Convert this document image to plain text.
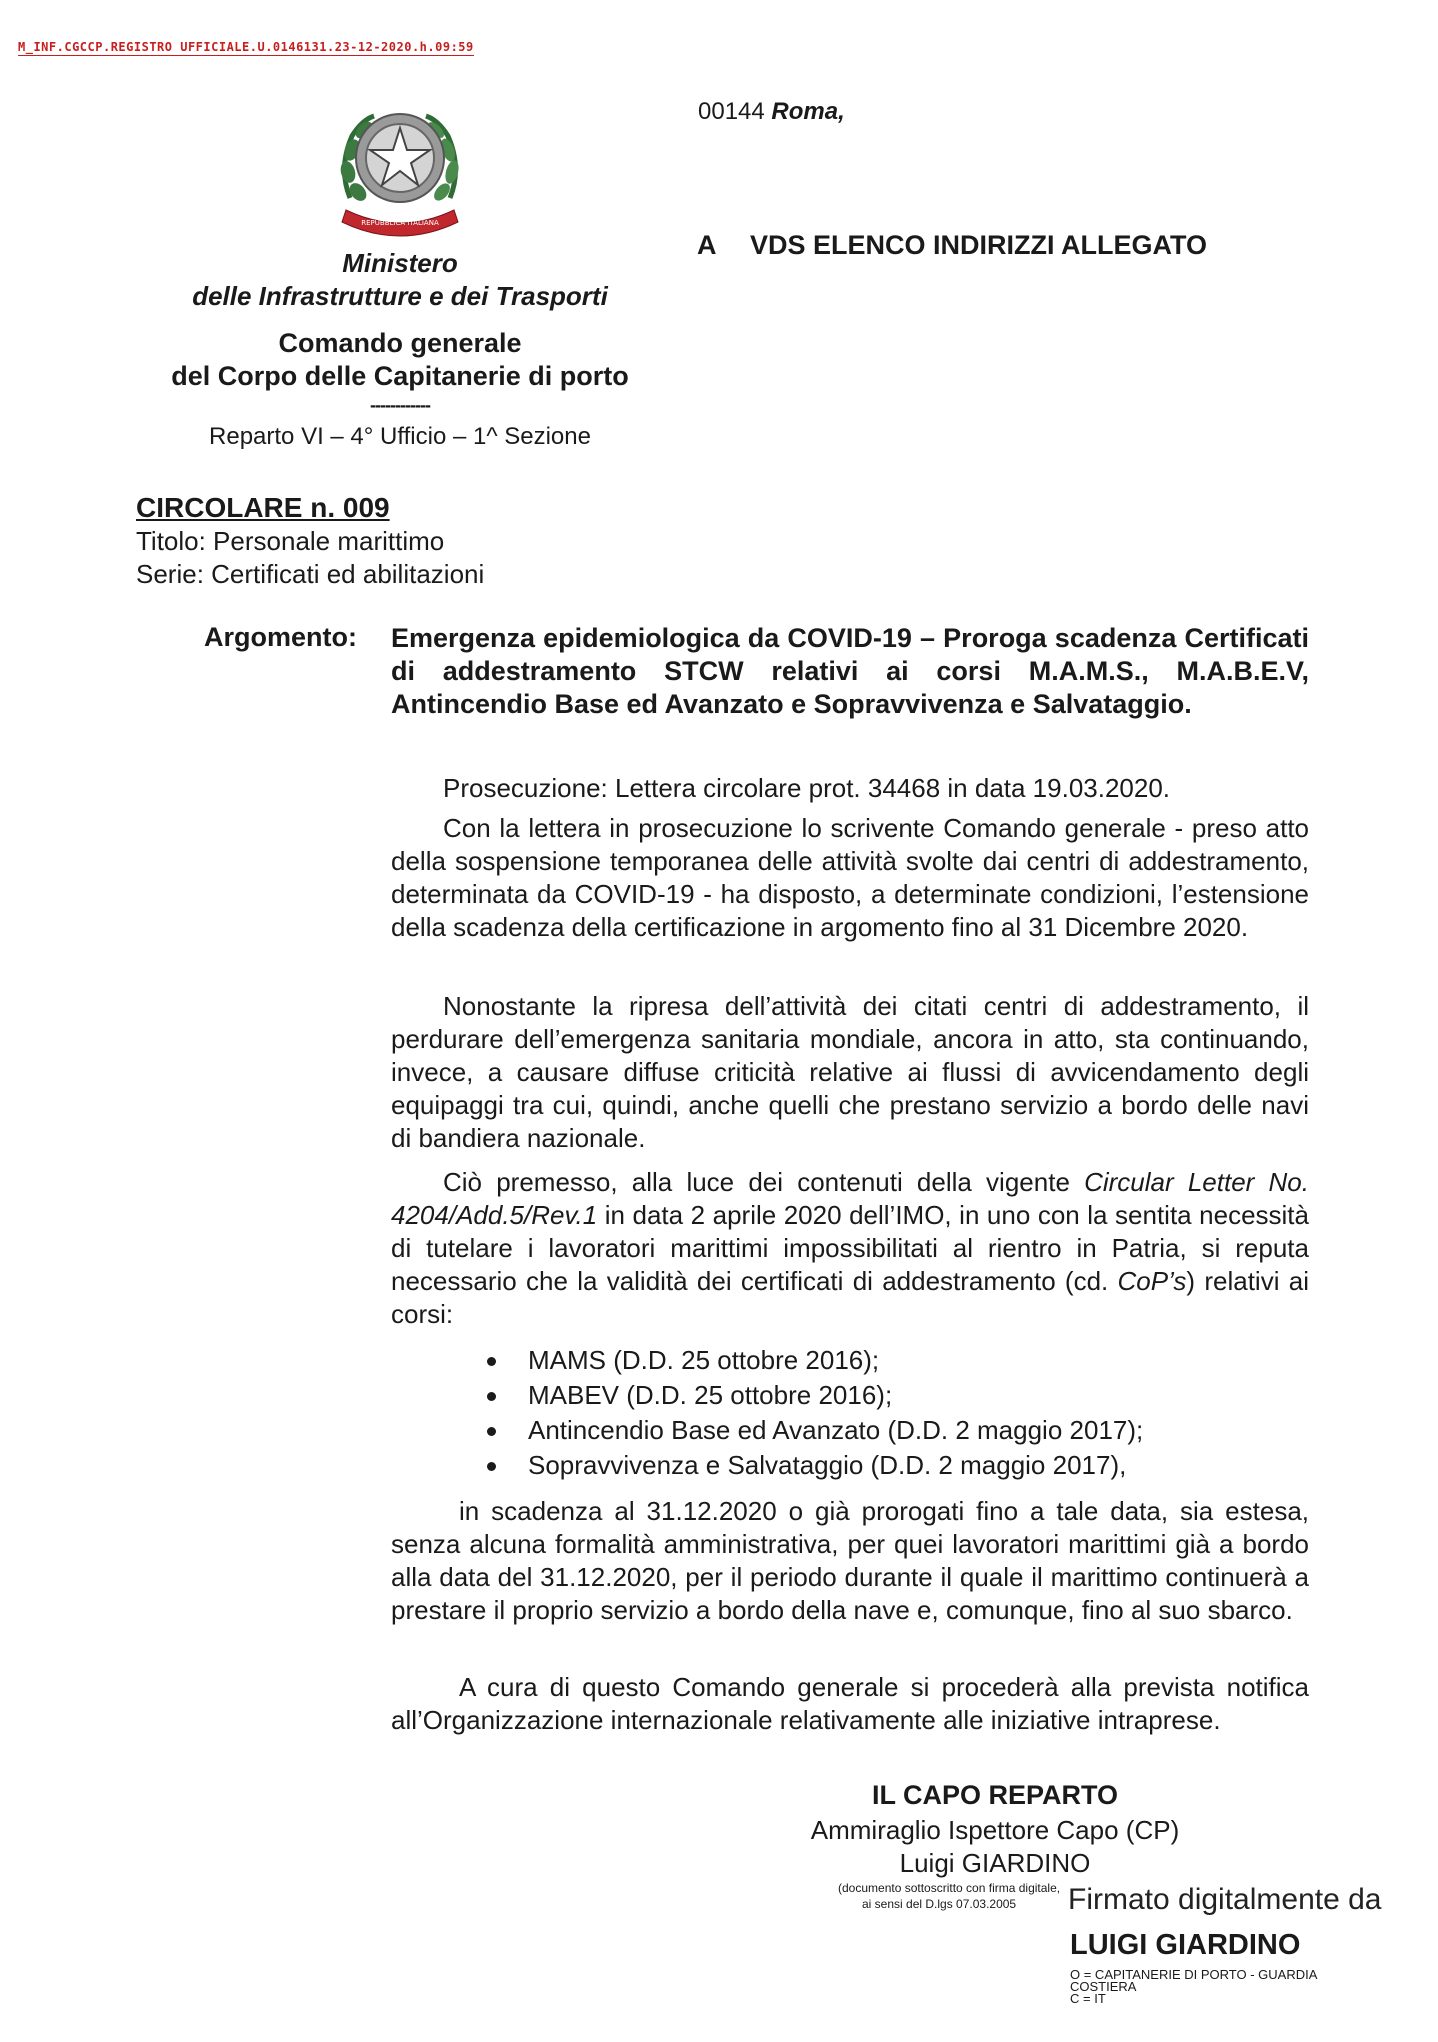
M_INF.CGCCP.REGISTRO UFFICIALE.U.0146131.23-12-2020.h.09:59
00144 Roma,
REPUBBLICA ITALIANA
Ministero
delle Infrastrutture e dei Trasporti
Comando generale
del Corpo delle Capitanerie di porto
------------
Reparto VI – 4° Ufficio – 1^ Sezione
A VDS ELENCO INDIRIZZI ALLEGATO
CIRCOLARE n. 009
Titolo: Personale marittimo
Serie: Certificati ed abilitazioni
Argomento: Emergenza epidemiologica da COVID-19 – Proroga scadenza Certificati di addestramento STCW relativi ai corsi M.A.M.S., M.A.B.E.V, Antincendio Base ed Avanzato e Sopravvivenza e Salvataggio.
Prosecuzione: Lettera circolare prot. 34468 in data 19.03.2020.
Con la lettera in prosecuzione lo scrivente Comando generale - preso atto della sospensione temporanea delle attività svolte dai centri di addestramento, determinata da COVID-19 - ha disposto, a determinate condizioni, l’estensione della scadenza della certificazione in argomento fino al 31 Dicembre 2020.
Nonostante la ripresa dell’attività dei citati centri di addestramento, il perdurare dell’emergenza sanitaria mondiale, ancora in atto, sta continuando, invece, a causare diffuse criticità relative ai flussi di avvicendamento degli equipaggi tra cui, quindi, anche quelli che prestano servizio a bordo delle navi di bandiera nazionale.
Ciò premesso, alla luce dei contenuti della vigente Circular Letter No. 4204/Add.5/Rev.1 in data 2 aprile 2020 dell’IMO, in uno con la sentita necessità di tutelare i lavoratori marittimi impossibilitati al rientro in Patria, si reputa necessario che la validità dei certificati di addestramento (cd. CoP’s) relativi ai corsi:
MAMS (D.D. 25 ottobre 2016);
MABEV (D.D. 25 ottobre 2016);
Antincendio Base ed Avanzato (D.D. 2 maggio 2017);
Sopravvivenza e Salvataggio (D.D. 2 maggio 2017),
in scadenza al 31.12.2020 o già prorogati fino a tale data, sia estesa, senza alcuna formalità amministrativa, per quei lavoratori marittimi già a bordo alla data del 31.12.2020, per il periodo durante il quale il marittimo continuerà a prestare il proprio servizio a bordo della nave e, comunque, fino al suo sbarco.
A cura di questo Comando generale si procederà alla prevista notifica all’Organizzazione internazionale relativamente alle iniziative intraprese.
IL CAPO REPARTO
Ammiraglio Ispettore Capo (CP)
Luigi GIARDINO
(documento sottoscritto con firma digitale,
ai sensi del D.lgs 07.03.2005 Firmato digitalmente da
LUIGI GIARDINO
O = CAPITANERIE DI PORTO - GUARDIA
COSTIERA
C = IT
